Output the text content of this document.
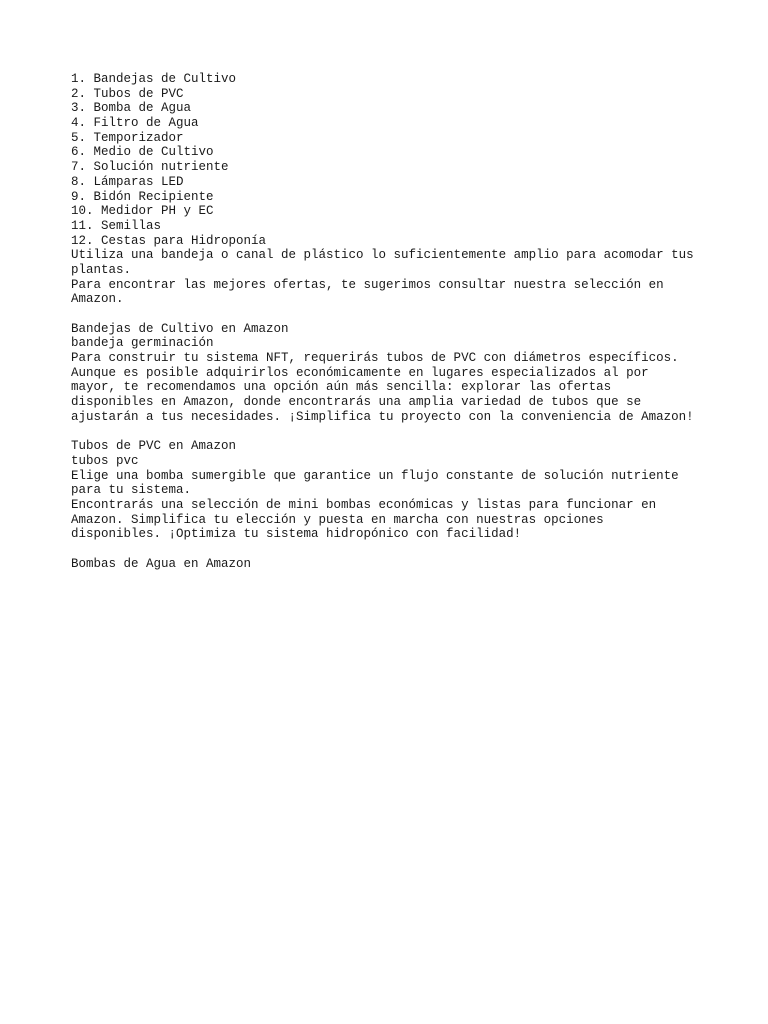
1. Bandejas de Cultivo
2. Tubos de PVC
3. Bomba de Agua
4. Filtro de Agua
5. Temporizador
6. Medio de Cultivo
7. Solución nutriente
8. Lámparas LED
9. Bidón Recipiente
10. Medidor PH y EC
11. Semillas
12. Cestas para Hidroponía
Utiliza una bandeja o canal de plástico lo suficientemente amplio para acomodar tus
plantas.
Para encontrar las mejores ofertas, te sugerimos consultar nuestra selección en
Amazon.
Bandejas de Cultivo en Amazon
bandeja germinación
Para construir tu sistema NFT, requerirás tubos de PVC con diámetros específicos.
Aunque es posible adquirirlos económicamente en lugares especializados al por
mayor, te recomendamos una opción aún más sencilla: explorar las ofertas
disponibles en Amazon, donde encontrarás una amplia variedad de tubos que se
ajustarán a tus necesidades. ¡Simplifica tu proyecto con la conveniencia de Amazon!
Tubos de PVC en Amazon
tubos pvc
Elige una bomba sumergible que garantice un flujo constante de solución nutriente
para tu sistema.
Encontrarás una selección de mini bombas económicas y listas para funcionar en
Amazon. Simplifica tu elección y puesta en marcha con nuestras opciones
disponibles. ¡Optimiza tu sistema hidropónico con facilidad!
Bombas de Agua en Amazon
